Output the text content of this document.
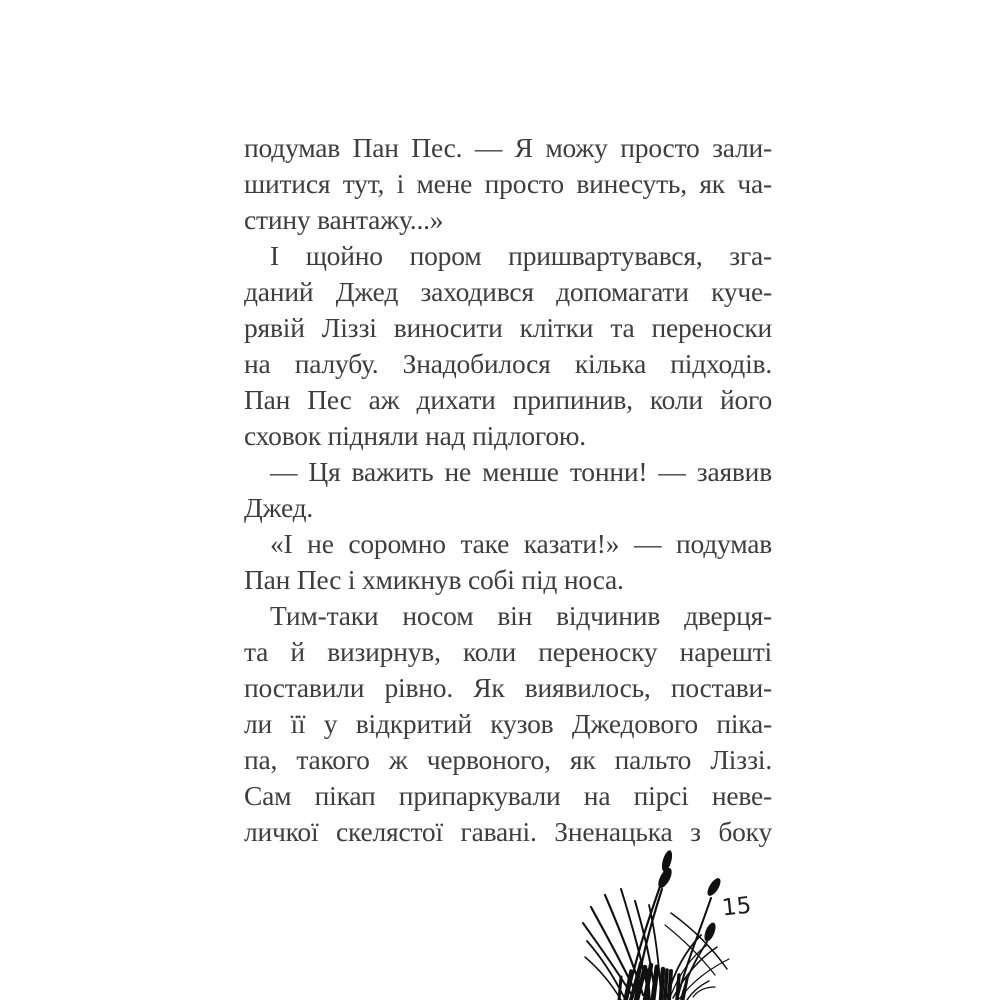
подумав Пан Пес. — Я можу просто зали-
шитися тут, і мене просто винесуть, як ча-
стину вантажу...»
І щойно пором пришвартувався, зга-
даний Джед заходився допомагати куче-
рявій Ліззі виносити клітки та переноски
на палубу. Знадобилося кілька підходів.
Пан Пес аж дихати припинив, коли його
сховок підняли над підлогою.
— Ця важить не менше тонни! — заявив
Джед.
«І не соромно таке казати!» — подумав
Пан Пес і хмикнув собі під носа.
Тим-таки носом він відчинив дверця-
та й визирнув, коли переноску нарешті
поставили рівно. Як виявилось, постави-
ли її у відкритий кузов Джедового піка-
па, такого ж червоного, як пальто Ліззі.
Сам пікап припаркували на пірсі неве-
личкої скелястої гавані. Зненацька з боку
15
